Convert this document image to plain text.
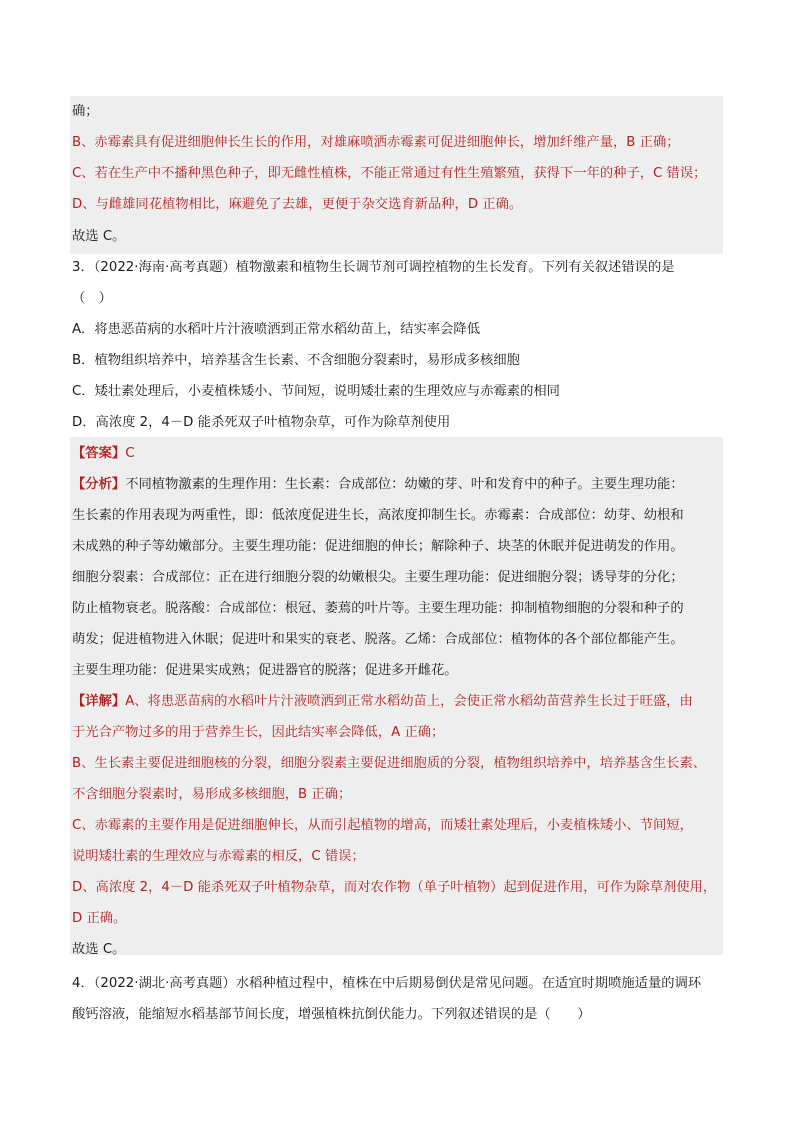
确；
B、赤霉素具有促进细胞伸长生长的作用，对雄麻喷洒赤霉素可促进细胞伸长，增加纤维产量，B 正确；
C、若在生产中不播种黑色种子，即无雌性植株，不能正常通过有性生殖繁殖，获得下一年的种子，C 错误；
D、与雌雄同花植物相比，麻避免了去雄，更便于杂交选育新品种，D 正确。
故选 C。
3．（2022·海南·高考真题）植物激素和植物生长调节剂可调控植物的生长发育。下列有关叙述错误的是
（　）
A．将患恶苗病的水稻叶片汁液喷洒到正常水稻幼苗上，结实率会降低
B．植物组织培养中，培养基含生长素、不含细胞分裂素时，易形成多核细胞
C．矮壮素处理后，小麦植株矮小、节间短，说明矮壮素的生理效应与赤霉素的相同
D．高浓度 2，4－D 能杀死双子叶植物杂草，可作为除草剂使用
【答案】C
【分析】不同植物激素的生理作用：生长素：合成部位：幼嫩的芽、叶和发育中的种子。主要生理功能：
生长素的作用表现为两重性，即：低浓度促进生长，高浓度抑制生长。赤霉素：合成部位：幼芽、幼根和
未成熟的种子等幼嫩部分。主要生理功能：促进细胞的伸长；解除种子、块茎的休眠并促进萌发的作用。
细胞分裂素：合成部位：正在进行细胞分裂的幼嫩根尖。主要生理功能：促进细胞分裂；诱导芽的分化；
防止植物衰老。脱落酸：合成部位：根冠、萎蔫的叶片等。主要生理功能：抑制植物细胞的分裂和种子的
萌发；促进植物进入休眠；促进叶和果实的衰老、脱落。乙烯：合成部位：植物体的各个部位都能产生。
主要生理功能：促进果实成熟；促进器官的脱落；促进多开雌花。
【详解】A、将患恶苗病的水稻叶片汁液喷洒到正常水稻幼苗上，会使正常水稻幼苗营养生长过于旺盛，由
于光合产物过多的用于营养生长，因此结实率会降低，A 正确；
B、生长素主要促进细胞核的分裂，细胞分裂素主要促进细胞质的分裂，植物组织培养中，培养基含生长素、
不含细胞分裂素时，易形成多核细胞，B 正确；
C、赤霉素的主要作用是促进细胞伸长，从而引起植物的增高，而矮壮素处理后，小麦植株矮小、节间短，
说明矮壮素的生理效应与赤霉素的相反，C 错误；
D、高浓度 2，4－D 能杀死双子叶植物杂草，而对农作物（单子叶植物）起到促进作用，可作为除草剂使用，
D 正确。
故选 C。
4．（2022·湖北·高考真题）水稻种植过程中，植株在中后期易倒伏是常见问题。在适宜时期喷施适量的调环
酸钙溶液，能缩短水稻基部节间长度，增强植株抗倒伏能力。下列叙述错误的是（　　）
